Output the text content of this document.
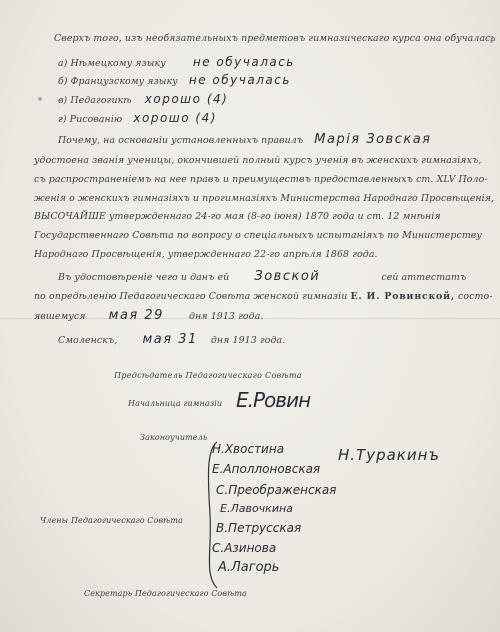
Сверхъ того, изъ необязательныхъ предметовъ гимназическаго курса она обучалась
а) Нѣмецкому языку не обучалась
б) Французскому языку не обучалась
в) Педагогикѣ хорошо (4)
г) Рисованію хорошо (4)
Почему, на основаніи установленныхъ правилъ Марія Зовская
удостоена званія ученицы, окончившей полный курсъ ученія въ женскихъ гимназіяхъ,
съ распространеніемъ на нее правъ и преимуществъ предоставленныхъ ст. XLV Поло-
женія о женскихъ гимназіяхъ и прогимназіяхъ Министерства Народнаго Просвѣщенія,
ВЫСОЧАЙШЕ утвержденнаго 24-го мая (8-го іюня) 1870 года и ст. 12 мнѣнія
Государственнаго Совѣта по вопросу о спеціальныхъ испытаніяхъ по Министерству
Народнаго Просвѣщенія, утвержденнаго 22-го апрѣля 1868 года.
Въ удостовѣреніе чего и данъ ей Зовской	сей аттестатъ
по опредѣленію Педагогическаго Совѣта женской гимназіи Е. И. Ровинской, состо-
явшемуся мая 29	дня 1913 года.
Смоленскъ, мая 31 дня 1913 года.
Предсѣдатель Педагогическаго Совѣта
Начальница гимназіи Е.Ровин
Законоучитель
Н.Туракинъ
Члены Педагогическаго Совѣта
Н.Хвостина
Е.Аполлоновская
С.Преображенская
Е.Лавочкина
В.Петрусская
С.Азинова
А.Лагорь
Секретарь Педагогическаго Совѣта
